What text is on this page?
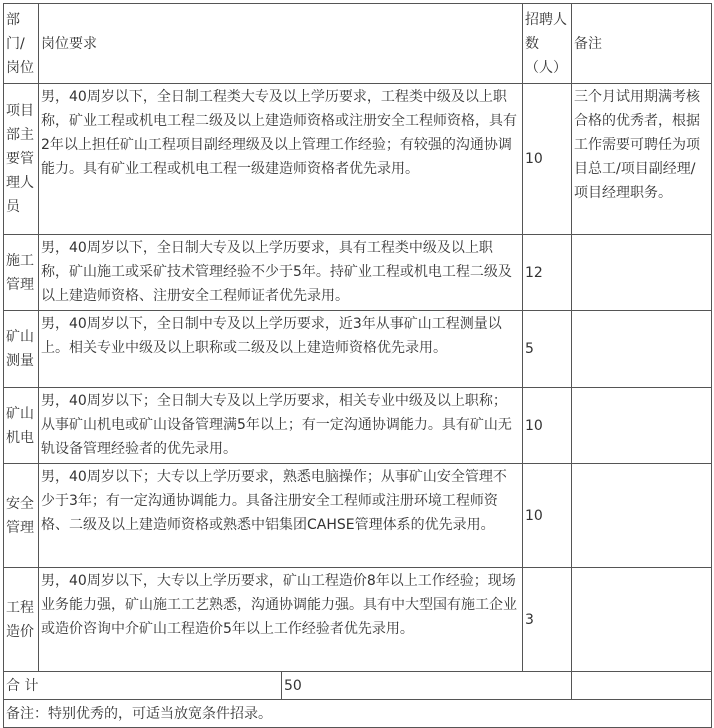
部门/岗位	岗位要求		招聘人数（人）	备注
项目部主要管理人员	男，40周岁以下，全日制工程类大专及以上学历要求，工程类中级及以上职称，矿业工程或机电工程二级及以上建造师资格或注册安全工程师资格，具有2年以上担任矿山工程项目副经理级及以上管理工作经验；有较强的沟通协调能力。具有矿业工程或机电工程一级建造师资格者优先录用。		10	三个月试用期满考核合格的优秀者，根据工作需要可聘任为项目总工/项目副经理/项目经理职务。
施工管理	男，40周岁以下，全日制大专及以上学历要求，具有工程类中级及以上职称，矿山施工或采矿技术管理经验不少于5年。持矿业工程或机电工程二级及以上建造师资格、注册安全工程师证者优先录用。		12	
矿山测量	男，40周岁以下，全日制中专及以上学历要求，近3年从事矿山工程测量以上。相关专业中级及以上职称或二级及以上建造师资格优先录用。		5	
矿山机电	男，40周岁以下；全日制大专及以上学历要求，相关专业中级及以上职称；从事矿山机电或矿山设备管理满5年以上；有一定沟通协调能力。具有矿山无轨设备管理经验者的优先录用。		10	
安全管理	男，40周岁以下；大专以上学历要求，熟悉电脑操作；从事矿山安全管理不少于3年；有一定沟通协调能力。具备注册安全工程师或注册环境工程师资格、二级及以上建造师资格或熟悉中铝集团CAHSE管理体系的优先录用。		10	
工程造价	男，40周岁以下，大专以上学历要求，矿山工程造价8年以上工作经验；现场业务能力强，矿山施工工艺熟悉，沟通协调能力强。具有中大型国有施工企业或造价咨询中介矿山工程造价5年以上工作经验者优先录用。		3	
合 计		50		
备注：特别优秀的，可适当放宽条件招录。				
